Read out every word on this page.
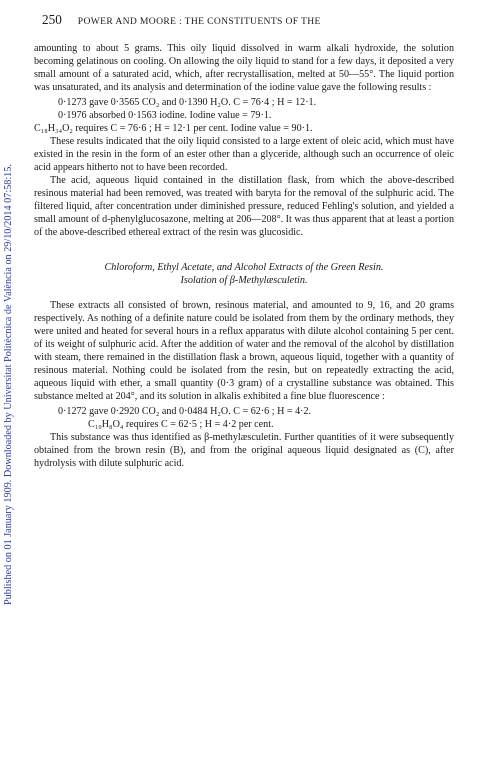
Published on 01 January 1909. Downloaded by Universitat Politècnica de València on 29/10/2014 07:58:15.
250 POWER AND MOORE : THE CONSTITUENTS OF THE

amounting to about 5 grams. This oily liquid dissolved in warm alkali hydroxide, the solution becoming gelatinous on cooling. On allowing the oily liquid to stand for a few days, it deposited a very small amount of a saturated acid, which, after recrystallisation, melted at 50—55°. The liquid portion was unsaturated, and its analysis and determination of the iodine value gave the following results :

0·1273 gave 0·3565 CO₂ and 0·1390 H₂O. C = 76·4 ; H = 12·1.

0·1976 absorbed 0·1563 iodine. Iodine value = 79·1.

C₁₈H₃₄O₂ requires C = 76·6 ; H = 12·1 per cent. Iodine value = 90·1.

These results indicated that the oily liquid consisted to a large extent of oleic acid, which must have existed in the resin in the form of an ester other than a glyceride, although such an occurrence of oleic acid appears hitherto not to have been recorded.

The acid, aqueous liquid contained in the distillation flask, from which the above-described resinous material had been removed, was treated with baryta for the removal of the sulphuric acid. The filtered liquid, after concentration under diminished pressure, reduced Fehling's solution, and yielded a small amount of d-phenylglucosazone, melting at 206—208°. It was thus apparent that at least a portion of the above-described ethereal extract of the resin was glucosidic.

Chloroform, Ethyl Acetate, and Alcohol Extracts of the Green Resin.
Isolation of β-Methylæsculetin.

These extracts all consisted of brown, resinous material, and amounted to 9, 16, and 20 grams respectively. As nothing of a definite nature could be isolated from them by the ordinary methods, they were united and heated for several hours in a reflux apparatus with dilute alcohol containing 5 per cent. of its weight of sulphuric acid. After the addition of water and the removal of the alcohol by distillation with steam, there remained in the distillation flask a brown, aqueous liquid, together with a quantity of resinous material. Nothing could be isolated from the resin, but on repeatedly extracting the acid, aqueous liquid with ether, a small quantity (0·3 gram) of a crystalline substance was obtained. This substance melted at 204°, and its solution in alkalis exhibited a fine blue fluorescence :

0·1272 gave 0·2920 CO₂ and 0·0484 H₂O. C = 62·6 ; H = 4·2.

C₁₀H₈O₄ requires C = 62·5 ; H = 4·2 per cent.

This substance was thus identified as β-methylæsculetin. Further quantities of it were subsequently obtained from the brown resin (B), and from the original aqueous liquid designated as (C), after hydrolysis with dilute sulphuric acid.
